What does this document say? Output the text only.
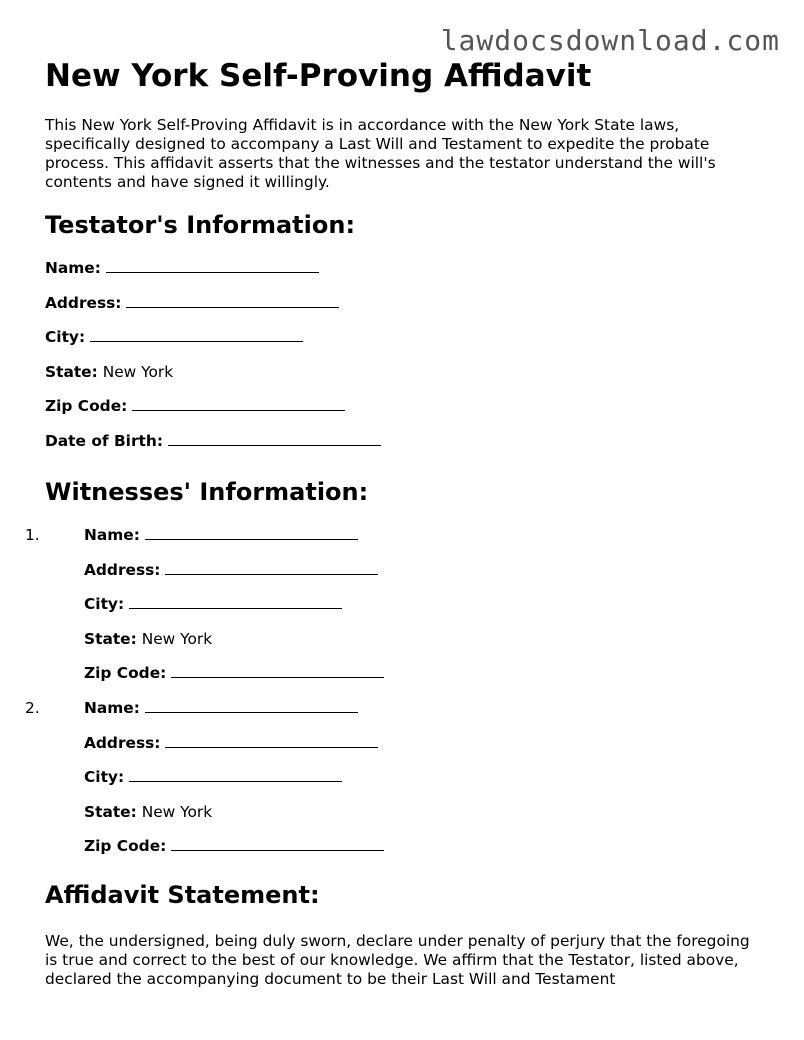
lawdocsdownload.com
New York Self-Proving Affidavit

This New York Self-Proving Affidavit is in accordance with the New York State laws, specifically designed to accompany a Last Will and Testament to expedite the probate process. This affidavit asserts that the witnesses and the testator understand the will's contents and have signed it willingly.

Testator's Information:
Name:
Address:
City:
State: New York
Zip Code:
Date of Birth:
Witnesses' Information:
1.	Name:
Address:
City:
State: New York
Zip Code:
2.	Name:
Address:
City:
State: New York
Zip Code:
Affidavit Statement:

We, the undersigned, being duly sworn, declare under penalty of perjury that the foregoing is true and correct to the best of our knowledge. We affirm that the Testator, listed above, declared the accompanying document to be their Last Will and Testament
